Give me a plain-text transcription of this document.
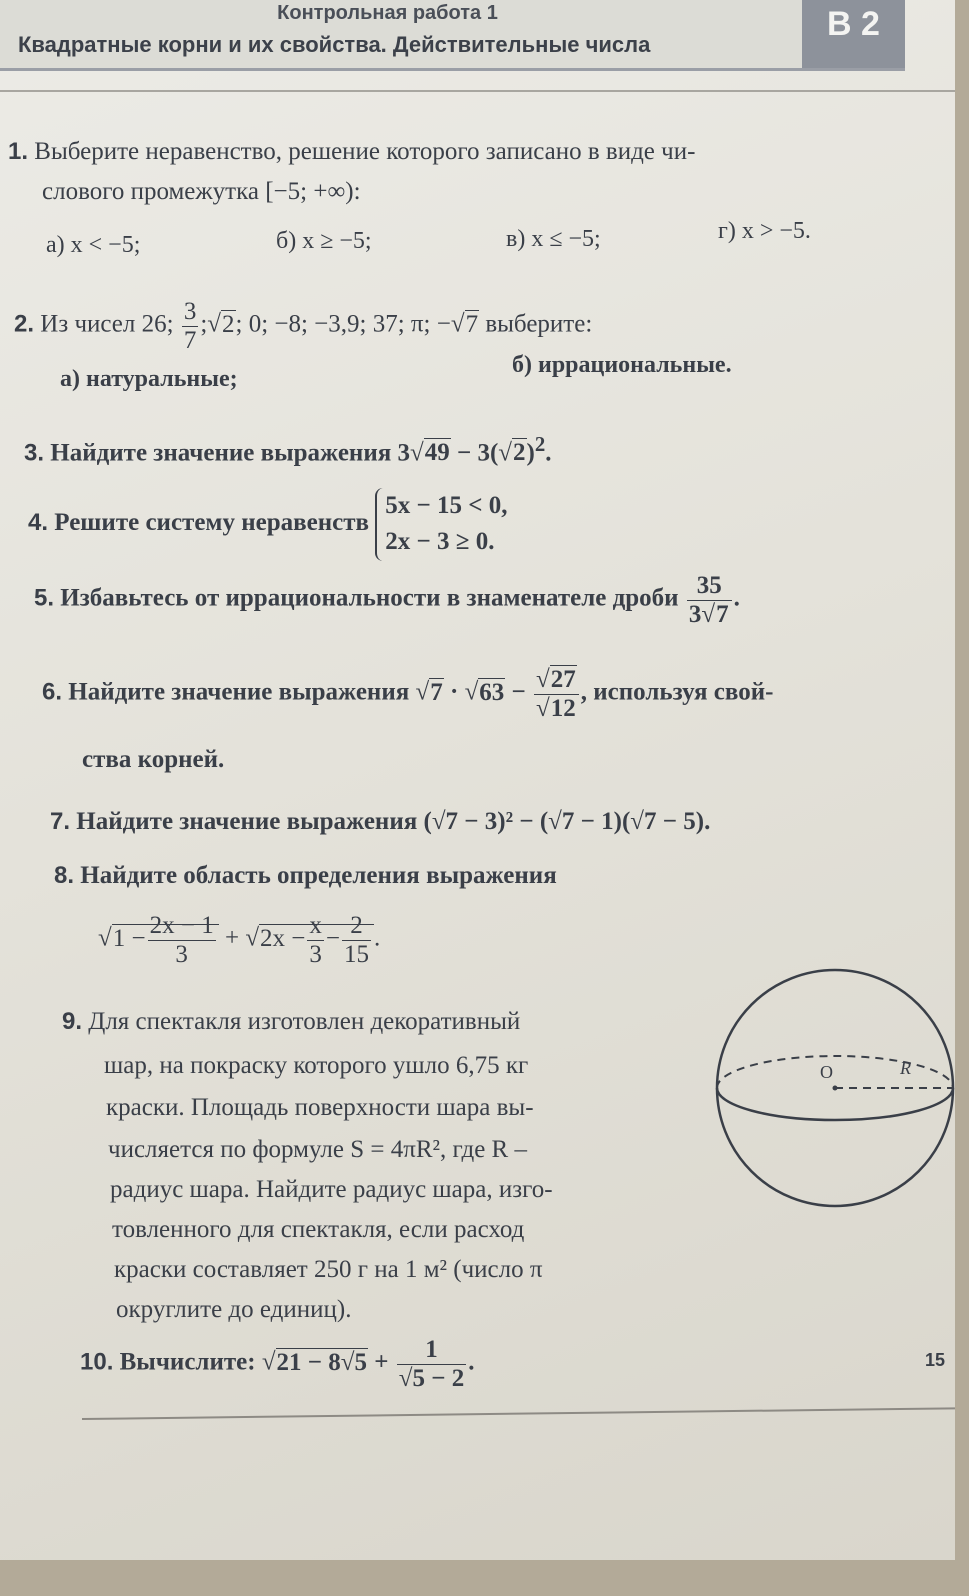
Контрольная работа 1
Квадратные корни и их свойства. Действительные числа
В 2
1. Выберите неравенство, решение которого записано в виде чи-
слового промежутка [−5; +∞):
а) x < −5;	б) x ≥ −5;	в) x ≤ −5;	г) x > −5.
2. Из чисел 26; $\frac{3}{7}$ ;√2; 0; −8; −3,9; 37; π; −√7 выберите:
а) натуральные;
б) иррациональные.
3. Найдите значение выражения $3√49 - 3(√2)^2$.
4. Решите систему неравенств
5x − 15 < 0,
2x − 3 ≥ 0.
5. Избавьтесь от иррациональности в знаменателе дроби $\frac{35}{3√7}$ .
6. Найдите значение выражения $√7 \cdot √63 - \frac{√27}{√12}$ , используя свой-
ства корней.
7. Найдите значение выражения (√7 − 3)² − (√7 − 1)(√7 − 5).
8. Найдите область определения выражения
$√1 - \frac{2x - 1}{3} + √2x - \frac{x}{3} - \frac{2}{15}$ .
9. Для спектакля изготовлен декоративный
шар, на покраску которого ушло 6,75 кг
краски. Площадь поверхности шара вы-
числяется по формуле S = 4πR², где R –
радиус шара. Найдите радиус шара, изго-
товленного для спектакля, если расход
краски составляет 250 г на 1 м² (число π
округлите до единиц).
O	R
10. Вычислите: $√21 - 8√5 + \frac{1}{√5 - 2}$ .	15
